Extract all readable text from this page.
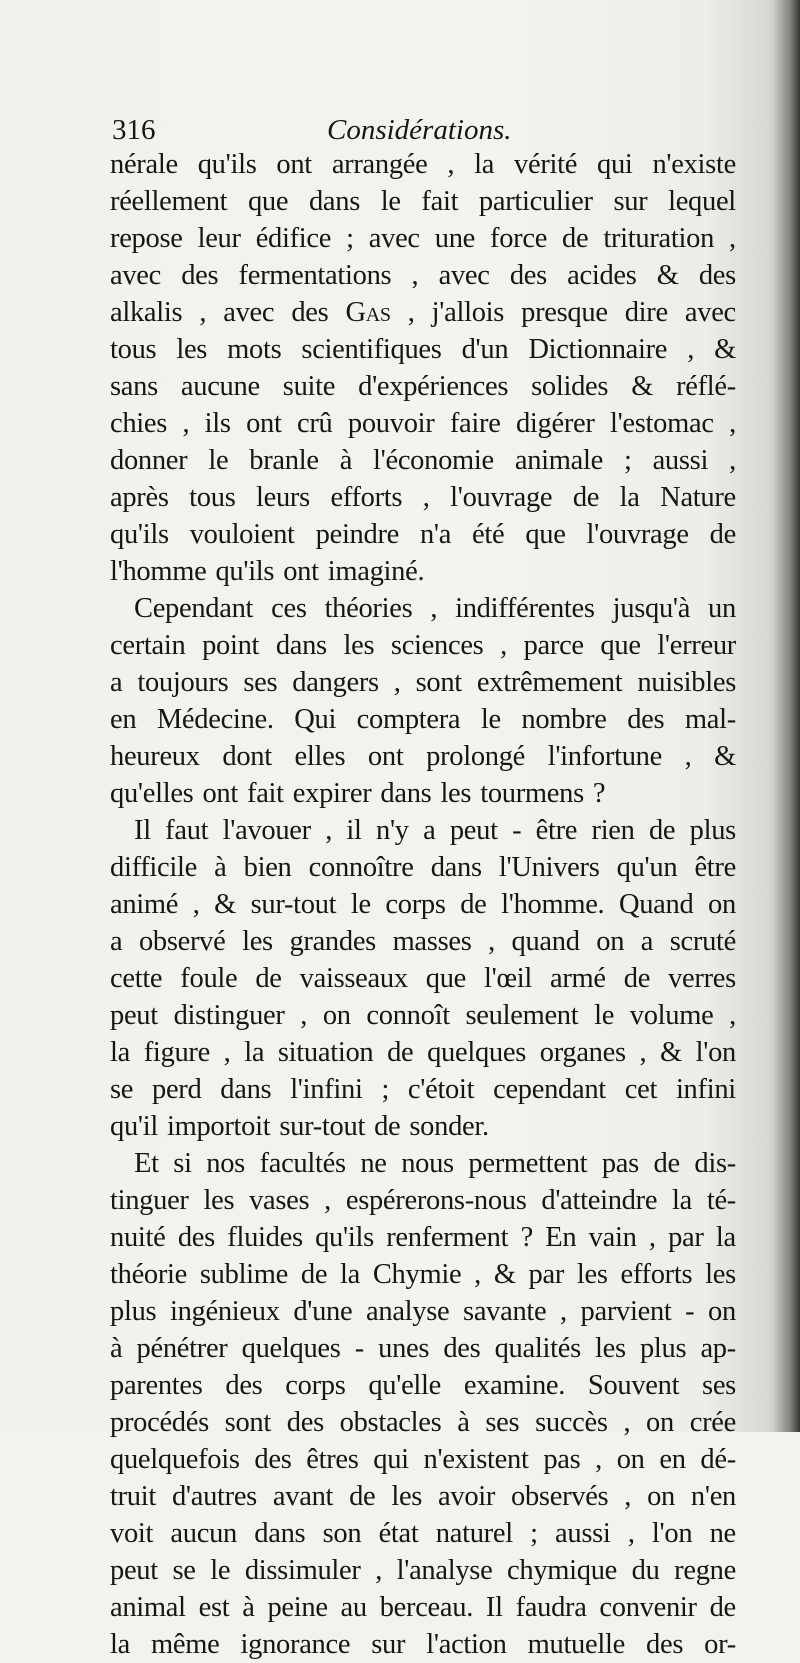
316	Considérations.
nérale qu'ils ont arrangée , la vérité qui n'existe
réellement que dans le fait particulier sur lequel
repose leur édifice ; avec une force de trituration ,
avec des fermentations , avec des acides & des
alkalis , avec des Gas , j'allois presque dire avec
tous les mots scientifiques d'un Dictionnaire , &
sans aucune suite d'expériences solides & réflé-
chies , ils ont crû pouvoir faire digérer l'estomac ,
donner le branle à l'économie animale ; aussi ,
après tous leurs efforts , l'ouvrage de la Nature
qu'ils vouloient peindre n'a été que l'ouvrage de
l'homme qu'ils ont imaginé.
Cependant ces théories , indifférentes jusqu'à un
certain point dans les sciences , parce que l'erreur
a toujours ses dangers , sont extrêmement nuisibles
en Médecine. Qui comptera le nombre des mal-
heureux dont elles ont prolongé l'infortune , &
qu'elles ont fait expirer dans les tourmens ?
Il faut l'avouer , il n'y a peut - être rien de plus
difficile à bien connoître dans l'Univers qu'un être
animé , & sur-tout le corps de l'homme. Quand on
a observé les grandes masses , quand on a scruté
cette foule de vaisseaux que l'œil armé de verres
peut distinguer , on connoît seulement le volume ,
la figure , la situation de quelques organes , & l'on
se perd dans l'infini ; c'étoit cependant cet infini
qu'il importoit sur-tout de sonder.
Et si nos facultés ne nous permettent pas de dis-
tinguer les vases , espérerons-nous d'atteindre la té-
nuité des fluides qu'ils renferment ? En vain , par la
théorie sublime de la Chymie , & par les efforts les
plus ingénieux d'une analyse savante , parvient - on
à pénétrer quelques - unes des qualités les plus ap-
parentes des corps qu'elle examine. Souvent ses
procédés sont des obstacles à ses succès , on crée
quelquefois des êtres qui n'existent pas , on en dé-
truit d'autres avant de les avoir observés , on n'en
voit aucun dans son état naturel ; aussi , l'on ne
peut se le dissimuler , l'analyse chymique du regne
animal est à peine au berceau. Il faudra convenir de
la même ignorance sur l'action mutuelle des or-
